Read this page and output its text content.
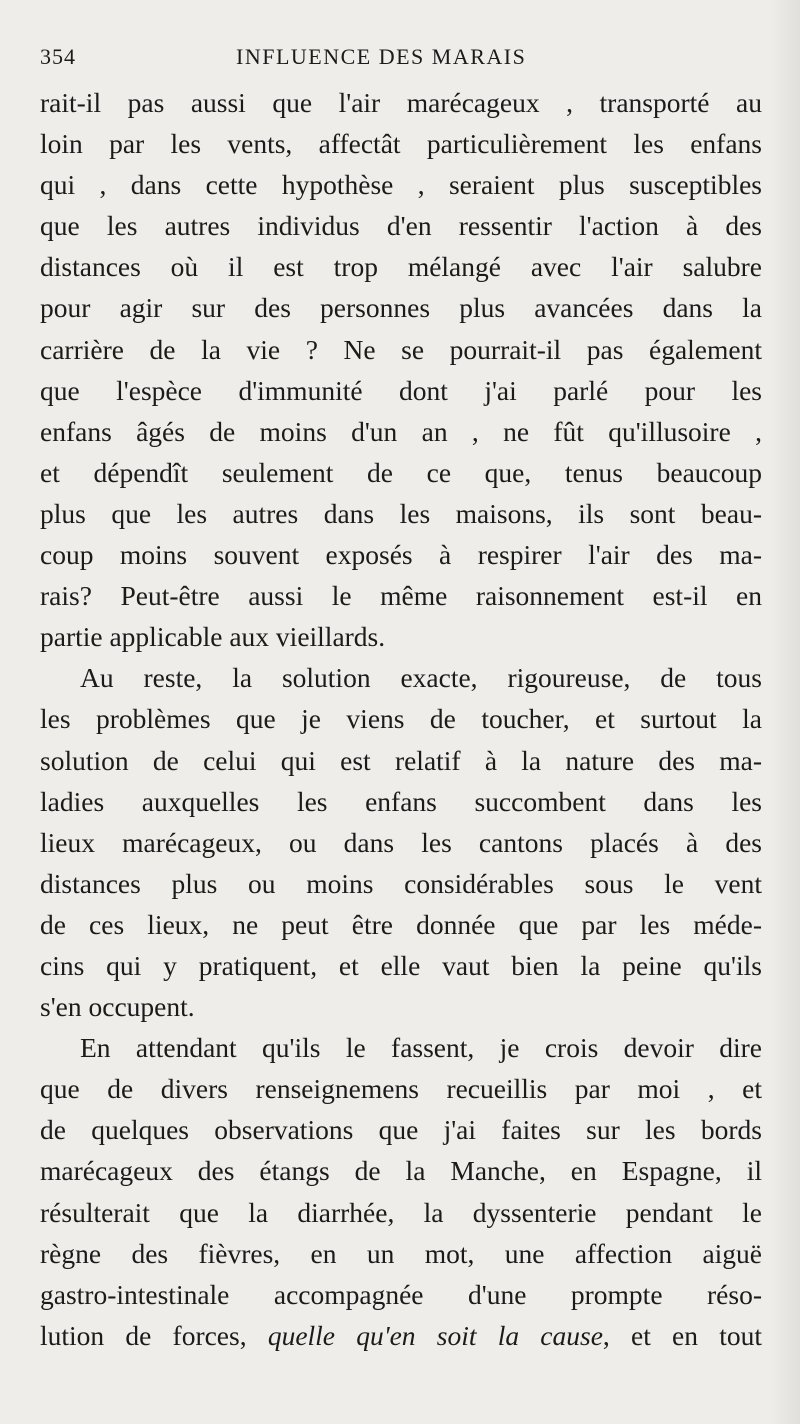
354	INFLUENCE DES MARAIS
rait-il pas aussi que l'air marécageux , transporté au
loin par les vents, affectât particulièrement les enfans
qui , dans cette hypothèse , seraient plus susceptibles
que les autres individus d'en ressentir l'action à des
distances où il est trop mélangé avec l'air salubre
pour agir sur des personnes plus avancées dans la
carrière de la vie ? Ne se pourrait-il pas également
que l'espèce d'immunité dont j'ai parlé pour les
enfans âgés de moins d'un an , ne fût qu'illusoire ,
et dépendît seulement de ce que, tenus beaucoup
plus que les autres dans les maisons, ils sont beau-
coup moins souvent exposés à respirer l'air des ma-
rais? Peut-être aussi le même raisonnement est-il en
partie applicable aux vieillards.
Au reste, la solution exacte, rigoureuse, de tous
les problèmes que je viens de toucher, et surtout la
solution de celui qui est relatif à la nature des ma-
ladies auxquelles les enfans succombent dans les
lieux marécageux, ou dans les cantons placés à des
distances plus ou moins considérables sous le vent
de ces lieux, ne peut être donnée que par les méde-
cins qui y pratiquent, et elle vaut bien la peine qu'ils
s'en occupent.
En attendant qu'ils le fassent, je crois devoir dire
que de divers renseignemens recueillis par moi , et
de quelques observations que j'ai faites sur les bords
marécageux des étangs de la Manche, en Espagne, il
résulterait que la diarrhée, la dyssenterie pendant le
règne des fièvres, en un mot, une affection aiguë
gastro-intestinale accompagnée d'une prompte réso-
lution de forces, quelle qu'en soit la cause, et en tout
